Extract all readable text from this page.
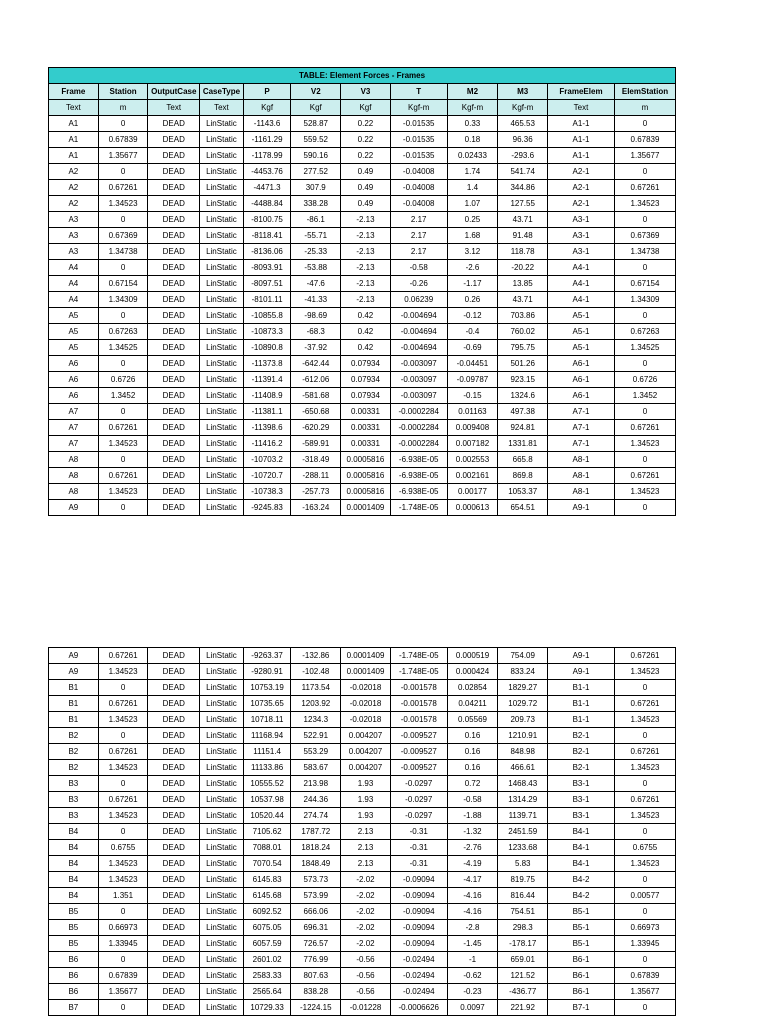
TABLE: Element Forces - Frames											
Frame	Station	OutputCase	CaseType	P	V2	V3	T	M2	M3	FrameElem	ElemStation
Text	m	Text	Text	Kgf	Kgf	Kgf	Kgf-m	Kgf-m	Kgf-m	Text	m
A1	0	DEAD	LinStatic	-1143.6	528.87	0.22	-0.01535	0.33	465.53	A1-1	0
A1	0.67839	DEAD	LinStatic	-1161.29	559.52	0.22	-0.01535	0.18	96.36	A1-1	0.67839
A1	1.35677	DEAD	LinStatic	-1178.99	590.16	0.22	-0.01535	0.02433	-293.6	A1-1	1.35677
A2	0	DEAD	LinStatic	-4453.76	277.52	0.49	-0.04008	1.74	541.74	A2-1	0
A2	0.67261	DEAD	LinStatic	-4471.3	307.9	0.49	-0.04008	1.4	344.86	A2-1	0.67261
A2	1.34523	DEAD	LinStatic	-4488.84	338.28	0.49	-0.04008	1.07	127.55	A2-1	1.34523
A3	0	DEAD	LinStatic	-8100.75	-86.1	-2.13	2.17	0.25	43.71	A3-1	0
A3	0.67369	DEAD	LinStatic	-8118.41	-55.71	-2.13	2.17	1.68	91.48	A3-1	0.67369
A3	1.34738	DEAD	LinStatic	-8136.06	-25.33	-2.13	2.17	3.12	118.78	A3-1	1.34738
A4	0	DEAD	LinStatic	-8093.91	-53.88	-2.13	-0.58	-2.6	-20.22	A4-1	0
A4	0.67154	DEAD	LinStatic	-8097.51	-47.6	-2.13	-0.26	-1.17	13.85	A4-1	0.67154
A4	1.34309	DEAD	LinStatic	-8101.11	-41.33	-2.13	0.06239	0.26	43.71	A4-1	1.34309
A5	0	DEAD	LinStatic	-10855.8	-98.69	0.42	-0.004694	-0.12	703.86	A5-1	0
A5	0.67263	DEAD	LinStatic	-10873.3	-68.3	0.42	-0.004694	-0.4	760.02	A5-1	0.67263
A5	1.34525	DEAD	LinStatic	-10890.8	-37.92	0.42	-0.004694	-0.69	795.75	A5-1	1.34525
A6	0	DEAD	LinStatic	-11373.8	-642.44	0.07934	-0.003097	-0.04451	501.26	A6-1	0
A6	0.6726	DEAD	LinStatic	-11391.4	-612.06	0.07934	-0.003097	-0.09787	923.15	A6-1	0.6726
A6	1.3452	DEAD	LinStatic	-11408.9	-581.68	0.07934	-0.003097	-0.15	1324.6	A6-1	1.3452
A7	0	DEAD	LinStatic	-11381.1	-650.68	0.00331	-0.0002284	0.01163	497.38	A7-1	0
A7	0.67261	DEAD	LinStatic	-11398.6	-620.29	0.00331	-0.0002284	0.009408	924.81	A7-1	0.67261
A7	1.34523	DEAD	LinStatic	-11416.2	-589.91	0.00331	-0.0002284	0.007182	1331.81	A7-1	1.34523
A8	0	DEAD	LinStatic	-10703.2	-318.49	0.0005816	-6.938E-05	0.002553	665.8	A8-1	0
A8	0.67261	DEAD	LinStatic	-10720.7	-288.11	0.0005816	-6.938E-05	0.002161	869.8	A8-1	0.67261
A8	1.34523	DEAD	LinStatic	-10738.3	-257.73	0.0005816	-6.938E-05	0.00177	1053.37	A8-1	1.34523
A9	0	DEAD	LinStatic	-9245.83	-163.24	0.0001409	-1.748E-05	0.000613	654.51	A9-1	0
A9	0.67261	DEAD	LinStatic	-9263.37	-132.86	0.0001409	-1.748E-05	0.000519	754.09	A9-1	0.67261
A9	1.34523	DEAD	LinStatic	-9280.91	-102.48	0.0001409	-1.748E-05	0.000424	833.24	A9-1	1.34523
B1	0	DEAD	LinStatic	10753.19	1173.54	-0.02018	-0.001578	0.02854	1829.27	B1-1	0
B1	0.67261	DEAD	LinStatic	10735.65	1203.92	-0.02018	-0.001578	0.04211	1029.72	B1-1	0.67261
B1	1.34523	DEAD	LinStatic	10718.11	1234.3	-0.02018	-0.001578	0.05569	209.73	B1-1	1.34523
B2	0	DEAD	LinStatic	11168.94	522.91	0.004207	-0.009527	0.16	1210.91	B2-1	0
B2	0.67261	DEAD	LinStatic	11151.4	553.29	0.004207	-0.009527	0.16	848.98	B2-1	0.67261
B2	1.34523	DEAD	LinStatic	11133.86	583.67	0.004207	-0.009527	0.16	466.61	B2-1	1.34523
B3	0	DEAD	LinStatic	10555.52	213.98	1.93	-0.0297	0.72	1468.43	B3-1	0
B3	0.67261	DEAD	LinStatic	10537.98	244.36	1.93	-0.0297	-0.58	1314.29	B3-1	0.67261
B3	1.34523	DEAD	LinStatic	10520.44	274.74	1.93	-0.0297	-1.88	1139.71	B3-1	1.34523
B4	0	DEAD	LinStatic	7105.62	1787.72	2.13	-0.31	-1.32	2451.59	B4-1	0
B4	0.6755	DEAD	LinStatic	7088.01	1818.24	2.13	-0.31	-2.76	1233.68	B4-1	0.6755
B4	1.34523	DEAD	LinStatic	7070.54	1848.49	2.13	-0.31	-4.19	5.83	B4-1	1.34523
B4	1.34523	DEAD	LinStatic	6145.83	573.73	-2.02	-0.09094	-4.17	819.75	B4-2	0
B4	1.351	DEAD	LinStatic	6145.68	573.99	-2.02	-0.09094	-4.16	816.44	B4-2	0.00577
B5	0	DEAD	LinStatic	6092.52	666.06	-2.02	-0.09094	-4.16	754.51	B5-1	0
B5	0.66973	DEAD	LinStatic	6075.05	696.31	-2.02	-0.09094	-2.8	298.3	B5-1	0.66973
B5	1.33945	DEAD	LinStatic	6057.59	726.57	-2.02	-0.09094	-1.45	-178.17	B5-1	1.33945
B6	0	DEAD	LinStatic	2601.02	776.99	-0.56	-0.02494	-1	659.01	B6-1	0
B6	0.67839	DEAD	LinStatic	2583.33	807.63	-0.56	-0.02494	-0.62	121.52	B6-1	0.67839
B6	1.35677	DEAD	LinStatic	2565.64	838.28	-0.56	-0.02494	-0.23	-436.77	B6-1	1.35677
B7	0	DEAD	LinStatic	10729.33	-1224.15	-0.01228	-0.0006626	0.0097	221.92	B7-1	0
